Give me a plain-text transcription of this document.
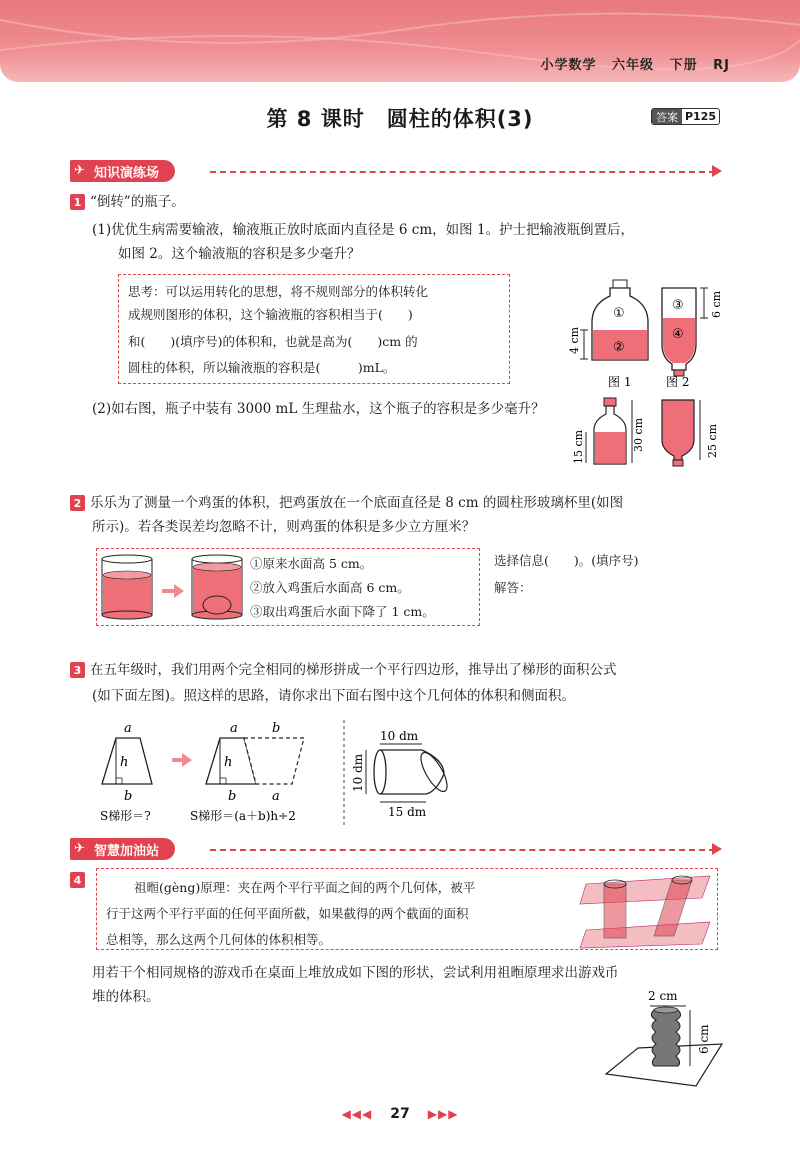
小学数学 六年级 下册 RJ
第 8 课时　圆柱的体积(3)	答案 P125
✈ 知识演练场
1 “倒转”的瓶子。
(1)优优生病需要输液，输液瓶正放时底面内直径是 6 cm，如图 1。护士把输液瓶倒置后，
如图 2。这个输液瓶的容积是多少毫升？
思考：可以运用转化的思想，将不规则部分的体积转化
成规则图形的体积，这个输液瓶的容积相当于(　　)
和(　　)(填序号)的体积和，也就是高为(　　)cm 的
圆柱的体积，所以输液瓶的容积是(　　　)mL。
①
②
4 cm
③
④
6 cm
图 1	图 2
(2)如右图，瓶子中装有 3000 mL 生理盐水，这个瓶子的容积是多少毫升？
15 cm	30 cm	25 cm
2 乐乐为了测量一个鸡蛋的体积，把鸡蛋放在一个底面直径是 8 cm 的圆柱形玻璃杯里(如图
所示)。若各类误差均忽略不计，则鸡蛋的体积是多少立方厘米？
①原来水面高 5 cm。
②放入鸡蛋后水面高 6 cm。
③取出鸡蛋后水面下降了 1 cm。
选择信息(　　)。(填序号)
解答：
3 在五年级时，我们用两个完全相同的梯形拼成一个平行四边形，推导出了梯形的面积公式
(如下面左图)。照这样的思路，请你求出下面右图中这个几何体的体积和侧面积。
a
h
b
S梯形＝?
a	b
h
b	a
S梯形＝(a＋b)h÷2
10 dm
10 dm
15 dm
✈ 智慧加油站
4	祖暅(gèng)原理：夹在两个平行平面之间的两个几何体，被平
行于这两个平行平面的任何平面所截，如果截得的两个截面的面积
总相等，那么这两个几何体的体积相等。
用若干个相同规格的游戏币在桌面上堆放成如下图的形状，尝试利用祖暅原理求出游戏币
堆的体积。	2 cm
6 cm
◀◀◀ 27 ▶▶▶
